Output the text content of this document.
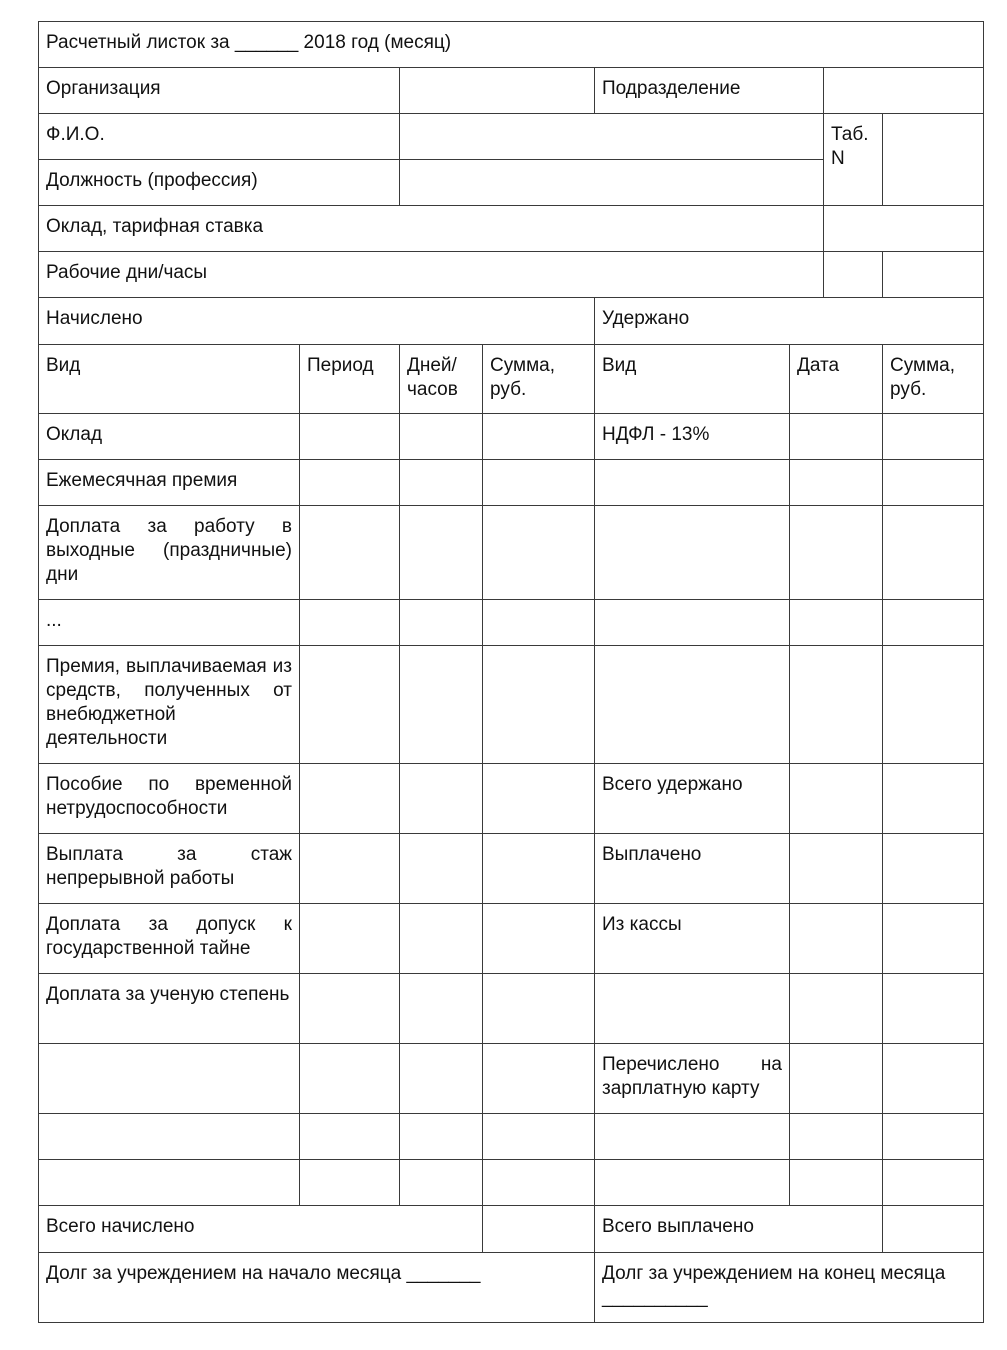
Расчетный листок за ______ 2018 год (месяц)							
Организация				Подразделение			
Ф.И.О.						Таб. N	
Должность (профессия)							
Оклад, тарифная ставка							
Рабочие дни/часы							
Начислено				Удержано			
Вид	Период	Дней/часов	Сумма, руб.	Вид	Дата		Сумма, руб.
Оклад				НДФЛ - 13%			
Ежемесячная премия							
Доплата за работу в выходные (праздничные) дни							
...							
Премия, выплачиваемая из средств, полученных от внебюджетной деятельности							
Пособие по временной нетрудоспособности				Всего удержано			
Выплата за стаж непрерывной работы				Выплачено			
Доплата за допуск к государственной тайне				Из кассы			
Доплата за ученую степень							
				Перечислено на зарплатную карту			

Всего начислено				Всего выплачено			
Долг за учреждением на начало месяца _______				Долг за учреждением на конец месяца __________			
